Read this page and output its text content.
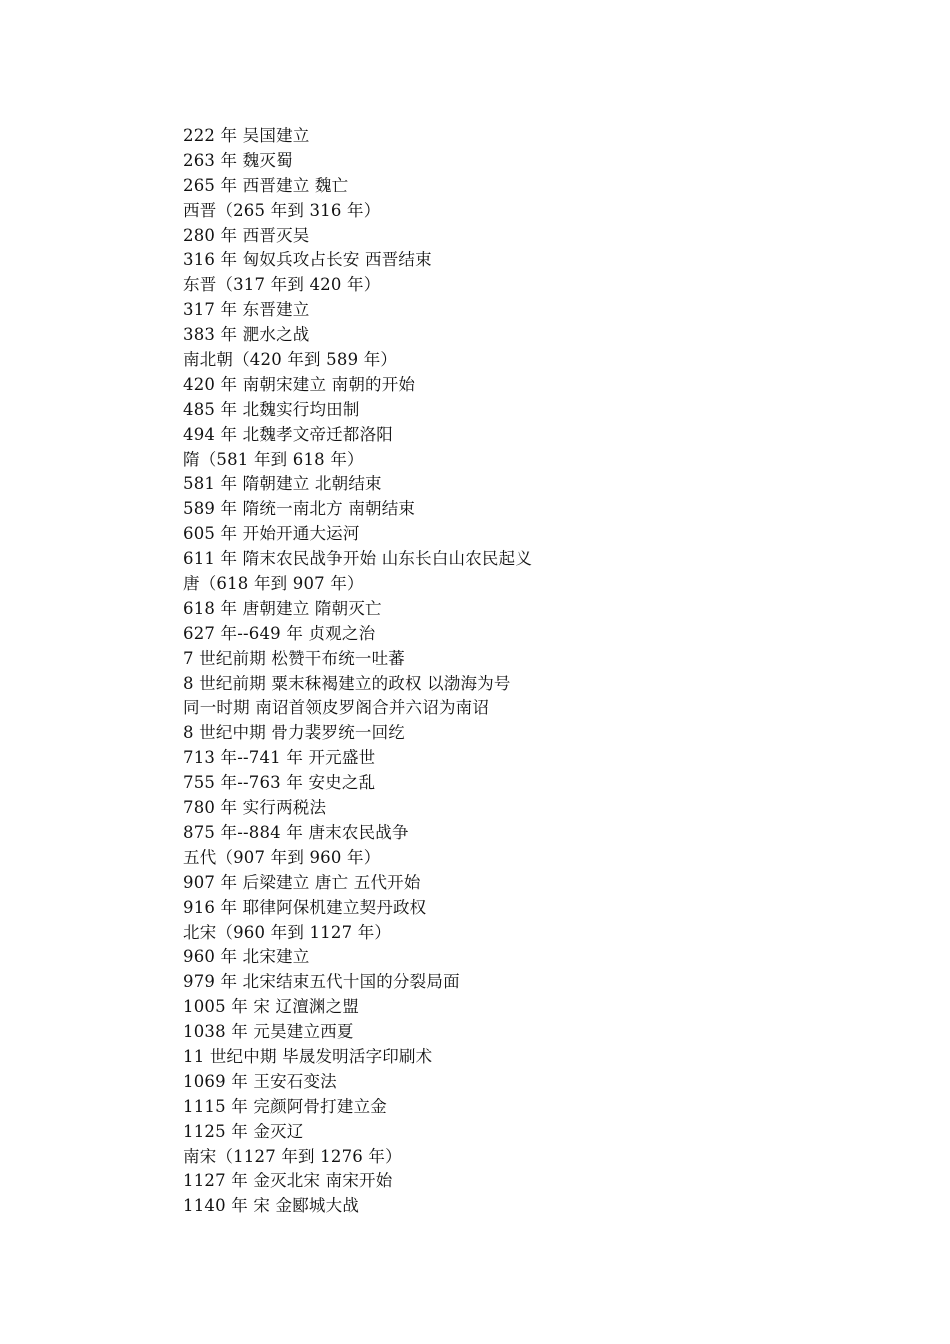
222 年 吴国建立
263 年 魏灭蜀
265 年 西晋建立 魏亡
西晋（265 年到 316 年）
280 年 西晋灭吴
316 年 匈奴兵攻占长安 西晋结束
东晋（317 年到 420 年）
317 年 东晋建立
383 年 淝水之战
南北朝（420 年到 589 年）
420 年 南朝宋建立 南朝的开始
485 年 北魏实行均田制
494 年 北魏孝文帝迁都洛阳
隋（581 年到 618 年）
581 年 隋朝建立 北朝结束
589 年 隋统一南北方 南朝结束
605 年 开始开通大运河
611 年 隋末农民战争开始 山东长白山农民起义
唐（618 年到 907 年）
618 年 唐朝建立 隋朝灭亡
627 年--649 年 贞观之治
7 世纪前期 松赞干布统一吐蕃
8 世纪前期 粟末秣褐建立的政权 以渤海为号
同一时期 南诏首领皮罗阁合并六诏为南诏
8 世纪中期 骨力裴罗统一回纥
713 年--741 年 开元盛世
755 年--763 年 安史之乱
780 年 实行两税法
875 年--884 年 唐末农民战争
五代（907 年到 960 年）
907 年 后梁建立 唐亡 五代开始
916 年 耶律阿保机建立契丹政权
北宋（960 年到 1127 年）
960 年 北宋建立
979 年 北宋结束五代十国的分裂局面
1005 年 宋 辽澶渊之盟
1038 年 元昊建立西夏
11 世纪中期 毕晟发明活字印刷术
1069 年 王安石变法
1115 年 完颜阿骨打建立金
1125 年 金灭辽
南宋（1127 年到 1276 年）
1127 年 金灭北宋 南宋开始
1140 年 宋 金郾城大战
